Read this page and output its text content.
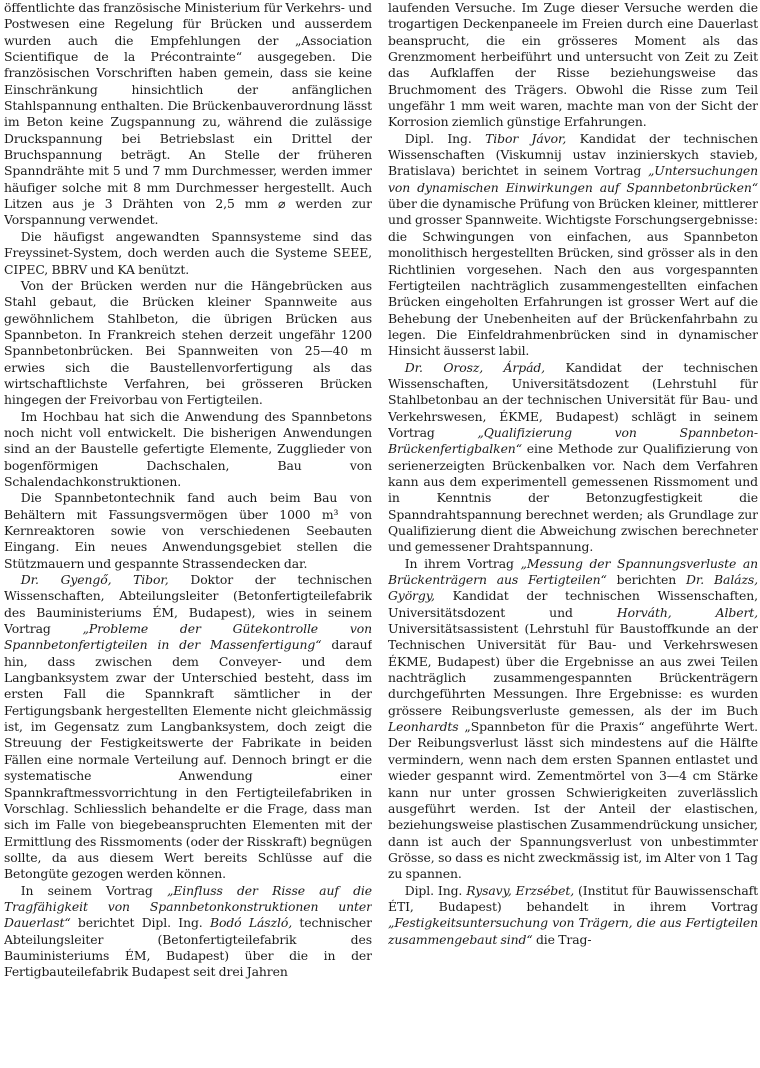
öffentlichte das französische Ministerium für Verkehrs- und Postwesen eine Regelung für Brücken und ausserdem wurden auch die Empfehlungen der „Association Scientifique de la Précontrainte“ ausgegeben. Die französischen Vorschriften haben gemein, dass sie keine Einschränkung hinsichtlich der anfänglichen Stahlspannung enthalten. Die Brückenbauverordnung lässt im Beton keine Zugspannung zu, während die zulässige Druckspannung bei Betriebslast ein Drittel der Bruchspannung beträgt. An Stelle der früheren Spanndrähte mit 5 und 7 mm Durchmesser, werden immer häufiger solche mit 8 mm Durchmesser hergestellt. Auch Litzen aus je 3 Drähten von 2,5 mm ⌀ werden zur Vorspannung verwendet.

Die häufigst angewandten Spannsysteme sind das Freyssinet-System, doch werden auch die Systeme SEEE, CIPEC, BBRV und KA benützt.

Von der Brücken werden nur die Hängebrücken aus Stahl gebaut, die Brücken kleiner Spannweite aus gewöhnlichem Stahlbeton, die übrigen Brücken aus Spannbeton. In Frankreich stehen derzeit ungefähr 1200 Spannbetonbrücken. Bei Spannweiten von 25—40 m erwies sich die Baustellenvorfertigung als das wirtschaftlichste Verfahren, bei grösseren Brücken hingegen der Freivorbau von Fertigteilen.

Im Hochbau hat sich die Anwendung des Spannbetons noch nicht voll entwickelt. Die bisherigen Anwendungen sind an der Baustelle gefertigte Elemente, Zugglieder von bogenförmigen Dachschalen, Bau von Schalendachkonstruktionen.

Die Spannbetontechnik fand auch beim Bau von Behältern mit Fassungsvermögen über 1000 m³ von Kernreaktoren sowie von verschiedenen Seebauten Eingang. Ein neues Anwendungsgebiet stellen die Stützmauern und gespannte Strassendecken dar.

Dr. Gyengő, Tibor, Doktor der technischen Wissenschaften, Abteilungsleiter (Betonfertigteilefabrik des Bauministeriums ÉM, Budapest), wies in seinem Vortrag „Probleme der Gütekontrolle von Spannbetonfertigteilen in der Massenfertigung“ darauf hin, dass zwischen dem Conveyer- und dem Langbanksystem zwar der Unterschied besteht, dass im ersten Fall die Spannkraft sämtlicher in der Fertigungsbank hergestellten Elemente nicht gleichmässig ist, im Gegensatz zum Langbanksystem, doch zeigt die Streuung der Festigkeitswerte der Fabrikate in beiden Fällen eine normale Verteilung auf. Dennoch bringt er die systematische Anwendung einer Spannkraftmessvorrichtung in den Fertigteilefabriken in Vorschlag. Schliesslich behandelte er die Frage, dass man sich im Falle von biegebeanspruchten Elementen mit der Ermittlung des Rissmoments (oder der Risskraft) begnügen sollte, da aus diesem Wert bereits Schlüsse auf die Betongüte gezogen werden können.

In seinem Vortrag „Einfluss der Risse auf die Tragfähigkeit von Spannbetonkonstruktionen unter Dauerlast“ berichtet Dipl. Ing. Bodó László, technischer Abteilungsleiter (Betonfertigteilefabrik des Bauministeriums ÉM, Budapest) über die in der Fertigbauteilefabrik Budapest seit drei Jahren

laufenden Versuche. Im Zuge dieser Versuche werden die trogartigen Deckenpaneele im Freien durch eine Dauerlast beansprucht, die ein grösseres Moment als das Grenzmoment herbeiführt und untersucht von Zeit zu Zeit das Aufklaffen der Risse beziehungsweise das Bruchmoment des Trägers. Obwohl die Risse zum Teil ungefähr 1 mm weit waren, machte man von der Sicht der Korrosion ziemlich günstige Erfahrungen.

Dipl. Ing. Tibor Jávor, Kandidat der technischen Wissenschaften (Viskumnij ustav inzinierskych stavieb, Bratislava) berichtet in seinem Vortrag „Untersuchungen von dynamischen Einwirkungen auf Spannbetonbrücken“ über die dynamische Prüfung von Brücken kleiner, mittlerer und grosser Spannweite. Wichtigste Forschungsergebnisse: die Schwingungen von einfachen, aus Spannbeton monolithisch hergestellten Brücken, sind grösser als in den Richtlinien vorgesehen. Nach den aus vorgespannten Fertigteilen nachträglich zusammengestellten einfachen Brücken eingeholten Erfahrungen ist grosser Wert auf die Behebung der Unebenheiten auf der Brückenfahrbahn zu legen. Die Einfeldrahmenbrücken sind in dynamischer Hinsicht äusserst labil.

Dr. Orosz, Árpád, Kandidat der technischen Wissenschaften, Universitätsdozent (Lehrstuhl für Stahlbetonbau an der technischen Universität für Bau- und Verkehrswesen, ÉKME, Budapest) schlägt in seinem Vortrag „Qualifizierung von Spannbeton-Brückenfertigbalken“ eine Methode zur Qualifizierung von serienerzeigten Brückenbalken vor. Nach dem Verfahren kann aus dem experimentell gemessenen Rissmoment und in Kenntnis der Betonzugfestigkeit die Spanndrahtspannung berechnet werden; als Grundlage zur Qualifizierung dient die Abweichung zwischen berechneter und gemessener Drahtspannung.

In ihrem Vortrag „Messung der Spannungsverluste an Brückenträgern aus Fertigteilen“ berichten Dr. Balázs, György, Kandidat der technischen Wissenschaften, Universitätsdozent und Horváth, Albert, Universitätsassistent (Lehrstuhl für Baustoffkunde an der Technischen Universität für Bau- und Verkehrswesen ÉKME, Budapest) über die Ergebnisse an aus zwei Teilen nachträglich zusammengespannten Brückenträgern durchgeführten Messungen. Ihre Ergebnisse: es wurden grössere Reibungsverluste gemessen, als der im Buch Leonhardts „Spannbeton für die Praxis“ angeführte Wert. Der Reibungsverlust lässt sich mindestens auf die Hälfte vermindern, wenn nach dem ersten Spannen entlastet und wieder gespannt wird. Zementmörtel von 3—4 cm Stärke kann nur unter grossen Schwierigkeiten zuverlässlich ausgeführt werden. Ist der Anteil der elastischen, beziehungsweise plastischen Zusammendrückung unsicher, dann ist auch der Spannungsverlust von unbestimmter Grösse, so dass es nicht zweckmässig ist, im Alter von 1 Tag zu spannen.

Dipl. Ing. Rysavy, Erzsébet, (Institut für Bauwissenschaft ÉTI, Budapest) behandelt in ihrem Vortrag „Festigkeitsuntersuchung von Trägern, die aus Fertigteilen zusammengebaut sind“ die Trag-
